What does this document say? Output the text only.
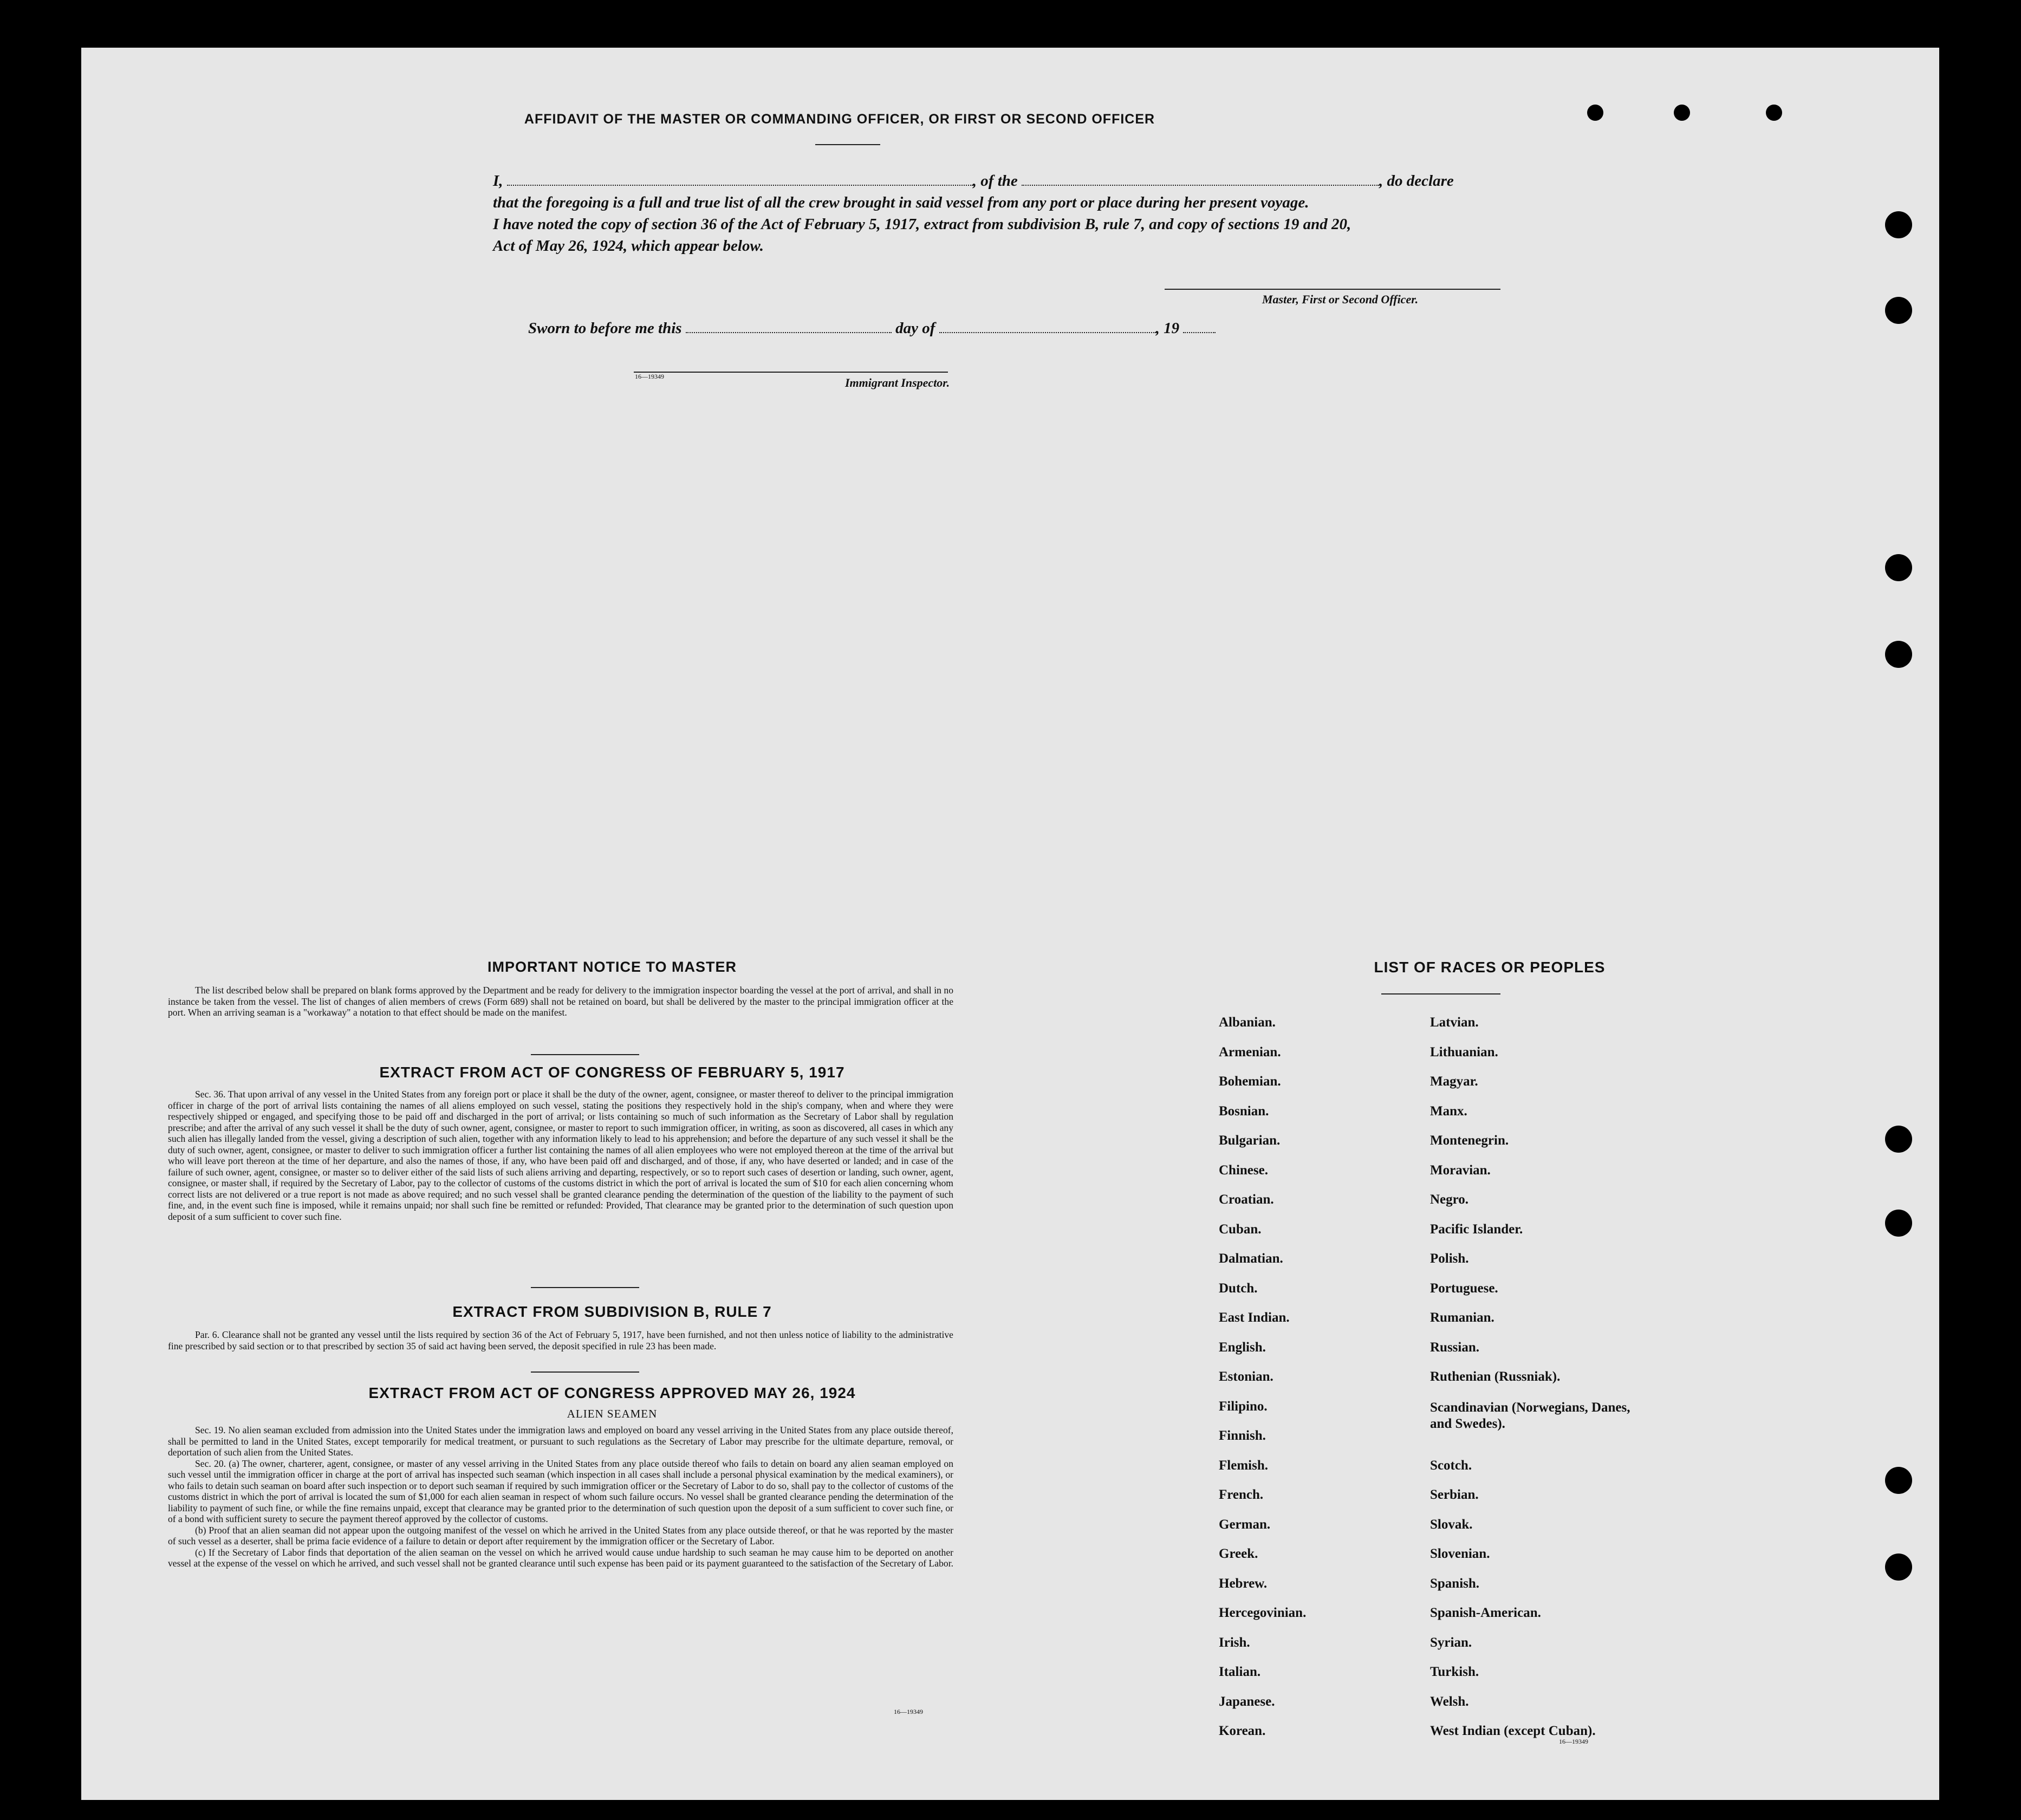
AFFIDAVIT OF THE MASTER OR COMMANDING OFFICER, OR FIRST OR SECOND OFFICER
I,	, of the	, do declare
that the foregoing is a full and true list of all the crew brought in said vessel from any port or place during her present voyage.
I have noted the copy of section 36 of the Act of February 5, 1917, extract from subdivision B, rule 7, and copy of sections 19 and 20,
Act of May 26, 1924, which appear below.
Master, First or Second Officer.
Sworn to before me this	day of	, 19
16—19349	Immigrant Inspector.
IMPORTANT NOTICE TO MASTER

The list described below shall be prepared on blank forms approved by the Department and be ready for delivery to the immigration inspector boarding the vessel at the port of arrival, and shall in no instance be taken from the vessel. The list of changes of alien members of crews (Form 689) shall not be retained on board, but shall be delivered by the master to the principal immigration officer at the port. When an arriving seaman is a "workaway" a notation to that effect should be made on the manifest.

EXTRACT FROM ACT OF CONGRESS OF FEBRUARY 5, 1917

Sec. 36. That upon arrival of any vessel in the United States from any foreign port or place it shall be the duty of the owner, agent, consignee, or master thereof to deliver to the principal immigration officer in charge of the port of arrival lists containing the names of all aliens employed on such vessel, stating the positions they respectively hold in the ship's company, when and where they were respectively shipped or engaged, and specifying those to be paid off and discharged in the port of arrival; or lists containing so much of such information as the Secretary of Labor shall by regulation prescribe; and after the arrival of any such vessel it shall be the duty of such owner, agent, consignee, or master to report to such immigration officer, in writing, as soon as discovered, all cases in which any such alien has illegally landed from the vessel, giving a description of such alien, together with any information likely to lead to his apprehension; and before the departure of any such vessel it shall be the duty of such owner, agent, consignee, or master to deliver to such immigration officer a further list containing the names of all alien employees who were not employed thereon at the time of the arrival but who will leave port thereon at the time of her departure, and also the names of those, if any, who have been paid off and discharged, and of those, if any, who have deserted or landed; and in case of the failure of such owner, agent, consignee, or master so to deliver either of the said lists of such aliens arriving and departing, respectively, or so to report such cases of desertion or landing, such owner, agent, consignee, or master shall, if required by the Secretary of Labor, pay to the collector of customs of the customs district in which the port of arrival is located the sum of $10 for each alien concerning whom correct lists are not delivered or a true report is not made as above required; and no such vessel shall be granted clearance pending the determination of the question of the liability to the payment of such fine, and, in the event such fine is imposed, while it remains unpaid; nor shall such fine be remitted or refunded: Provided, That clearance may be granted prior to the determination of such question upon deposit of a sum sufficient to cover such fine.

EXTRACT FROM SUBDIVISION B, RULE 7

Par. 6. Clearance shall not be granted any vessel until the lists required by section 36 of the Act of February 5, 1917, have been furnished, and not then unless notice of liability to the administrative fine prescribed by said section or to that prescribed by section 35 of said act having been served, the deposit specified in rule 23 has been made.

EXTRACT FROM ACT OF CONGRESS APPROVED MAY 26, 1924
ALIEN SEAMEN

Sec. 19. No alien seaman excluded from admission into the United States under the immigration laws and employed on board any vessel arriving in the United States from any place outside thereof, shall be permitted to land in the United States, except temporarily for medical treatment, or pursuant to such regulations as the Secretary of Labor may prescribe for the ultimate departure, removal, or deportation of such alien from the United States.

Sec. 20. (a) The owner, charterer, agent, consignee, or master of any vessel arriving in the United States from any place outside thereof who fails to detain on board any alien seaman employed on such vessel until the immigration officer in charge at the port of arrival has inspected such seaman (which inspection in all cases shall include a personal physical examination by the medical examiners), or who fails to detain such seaman on board after such inspection or to deport such seaman if required by such immigration officer or the Secretary of Labor to do so, shall pay to the collector of customs of the customs district in which the port of arrival is located the sum of $1,000 for each alien seaman in respect of whom such failure occurs. No vessel shall be granted clearance pending the determination of the liability to payment of such fine, or while the fine remains unpaid, except that clearance may be granted prior to the determination of such question upon the deposit of a sum sufficient to cover such fine, or of a bond with sufficient surety to secure the payment thereof approved by the collector of customs.

(b) Proof that an alien seaman did not appear upon the outgoing manifest of the vessel on which he arrived in the United States from any place outside thereof, or that he was reported by the master of such vessel as a deserter, shall be prima facie evidence of a failure to detain or deport after requirement by the immigration officer or the Secretary of Labor.

(c) If the Secretary of Labor finds that deportation of the alien seaman on the vessel on which he arrived would cause undue hardship to such seaman he may cause him to be deported on another vessel at the expense of the vessel on which he arrived, and such vessel shall not be granted clearance until such expense has been paid or its payment guaranteed to the satisfaction of the Secretary of Labor.

16—19349
LIST OF RACES OR PEOPLES
16—19349
Albanian.
Armenian.
Bohemian.
Bosnian.
Bulgarian.
Chinese.
Croatian.
Cuban.
Dalmatian.
Dutch.
East Indian.
English.
Estonian.
Filipino.
Finnish.
Flemish.
French.
German.
Greek.
Hebrew.
Hercegovinian.
Irish.
Italian.
Japanese.
Korean.
Latvian.
Lithuanian.
Magyar.
Manx.
Montenegrin.
Moravian.
Negro.
Pacific Islander.
Polish.
Portuguese.
Rumanian.
Russian.
Ruthenian (Russniak).
Scandinavian (Norwegians, Danes, and Swedes).
Scotch.
Serbian.
Slovak.
Slovenian.
Spanish.
Spanish-American.
Syrian.
Turkish.
Welsh.
West Indian (except Cuban).
